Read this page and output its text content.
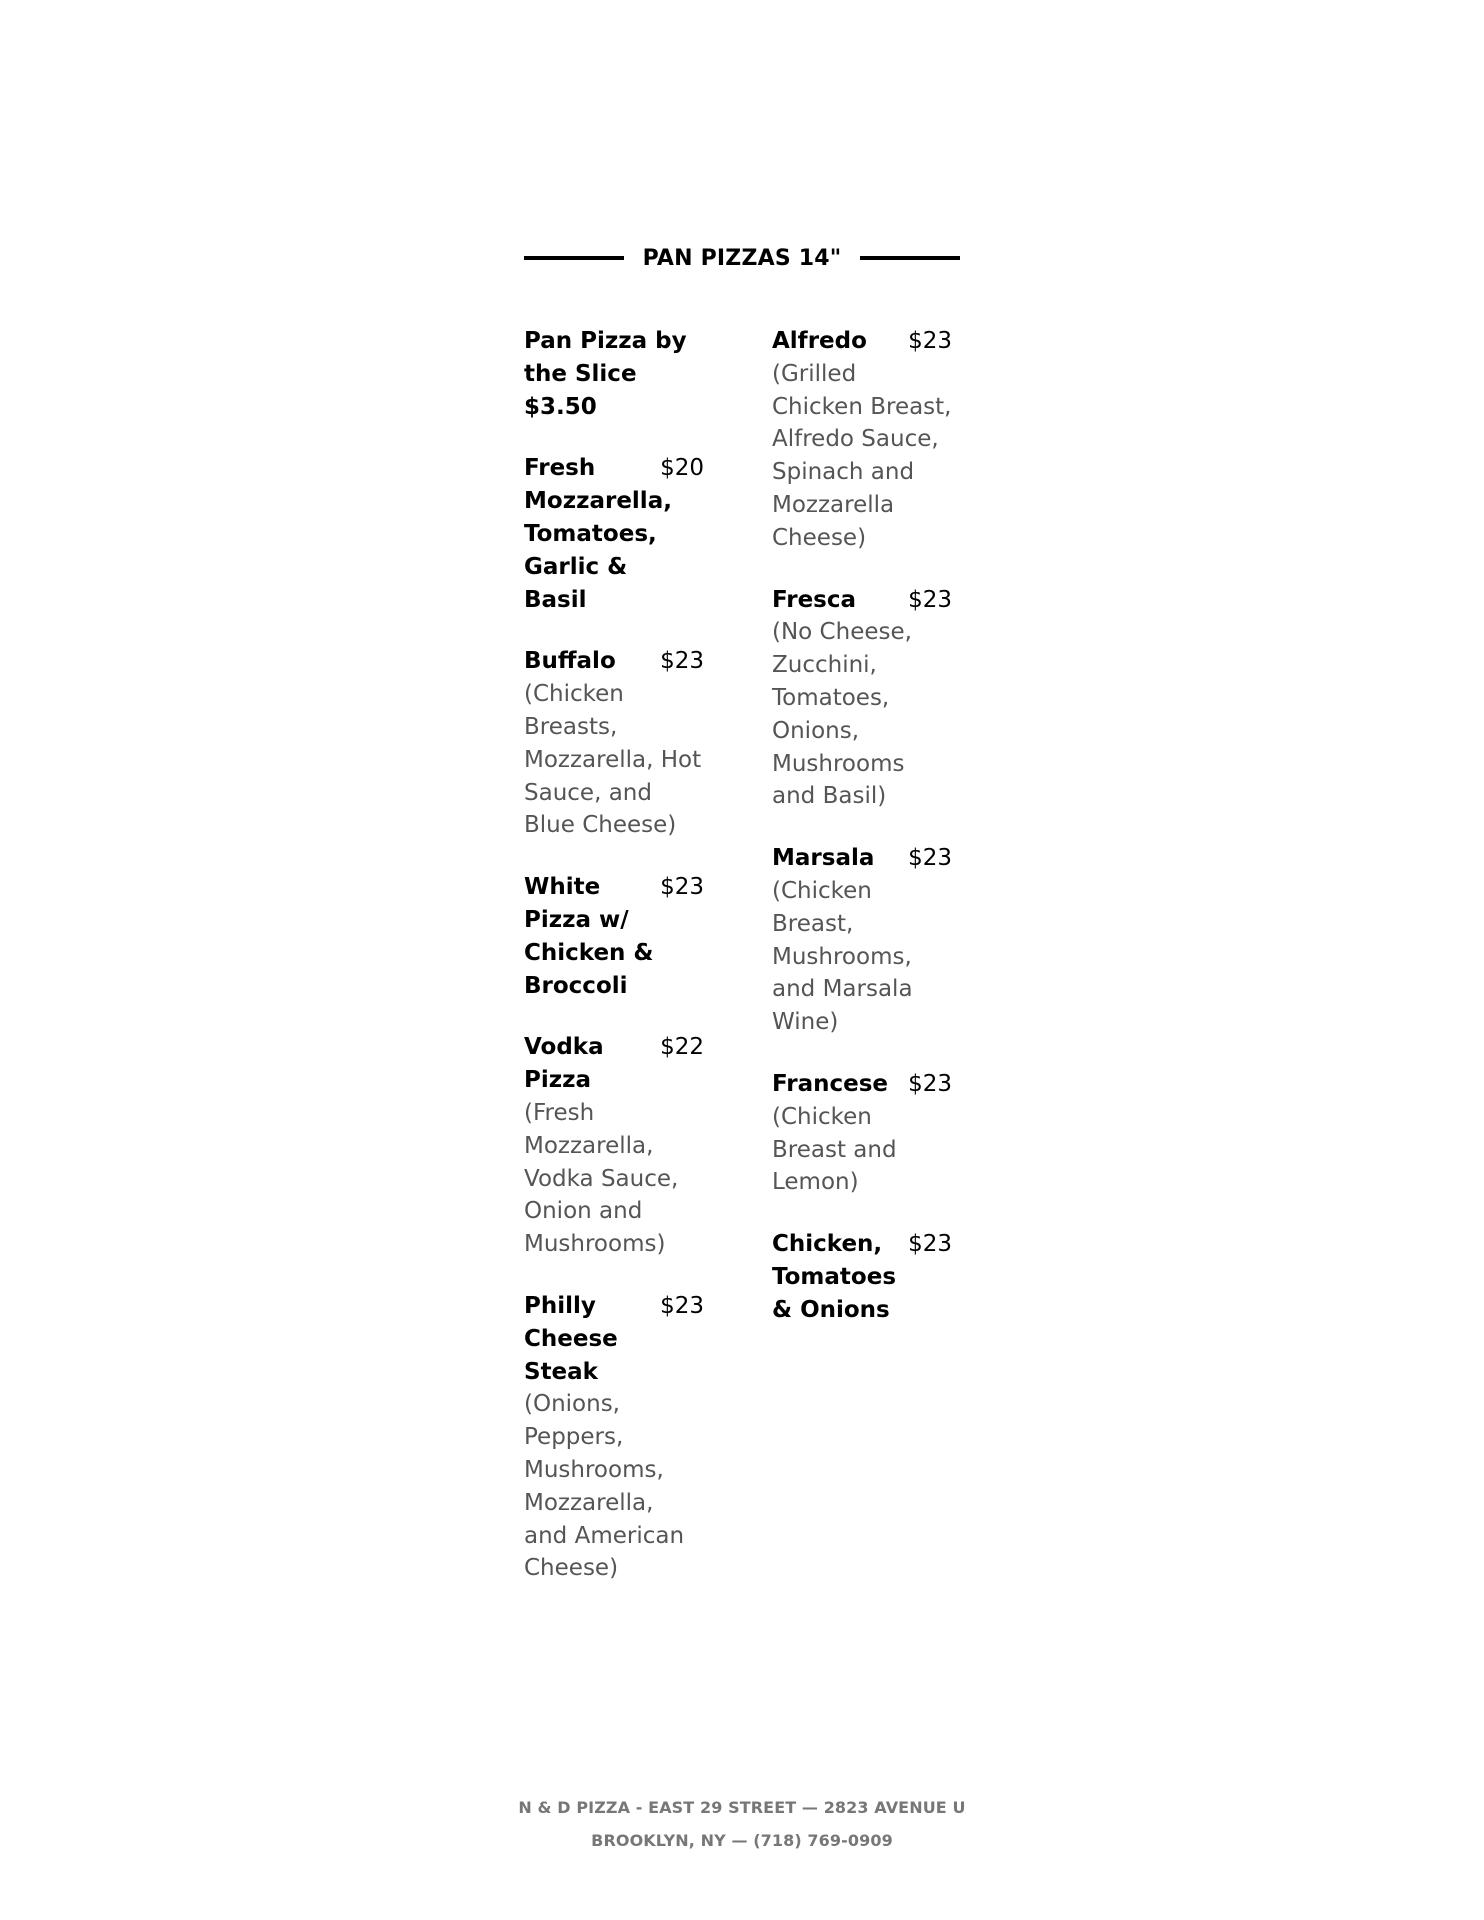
PAN PIZZAS 14"
Pan Pizza by the Slice $3.50
Fresh Mozzarella, Tomatoes, Garlic & Basil
$20
Buffalo	$23
(Chicken Breasts, Mozzarella, Hot Sauce, and Blue Cheese)
White Pizza w/ Chicken & Broccoli
$23
Vodka Pizza
$22
(Fresh Mozzarella, Vodka Sauce, Onion and Mushrooms)
Philly Cheese Steak
$23
(Onions, Peppers, Mushrooms, Mozzarella, and American Cheese)
Alfredo	$23
(Grilled Chicken Breast, Alfredo Sauce, Spinach and Mozzarella Cheese)
Fresca	$23
(No Cheese, Zucchini, Tomatoes, Onions, Mushrooms and Basil)
Marsala	$23
(Chicken Breast, Mushrooms, and Marsala Wine)
Francese $23
(Chicken Breast and Lemon)
Chicken, Tomatoes & Onions
$23
N & D PIZZA - EAST 29 STREET — 2823 AVENUE U
BROOKLYN, NY — (718) 769-0909
